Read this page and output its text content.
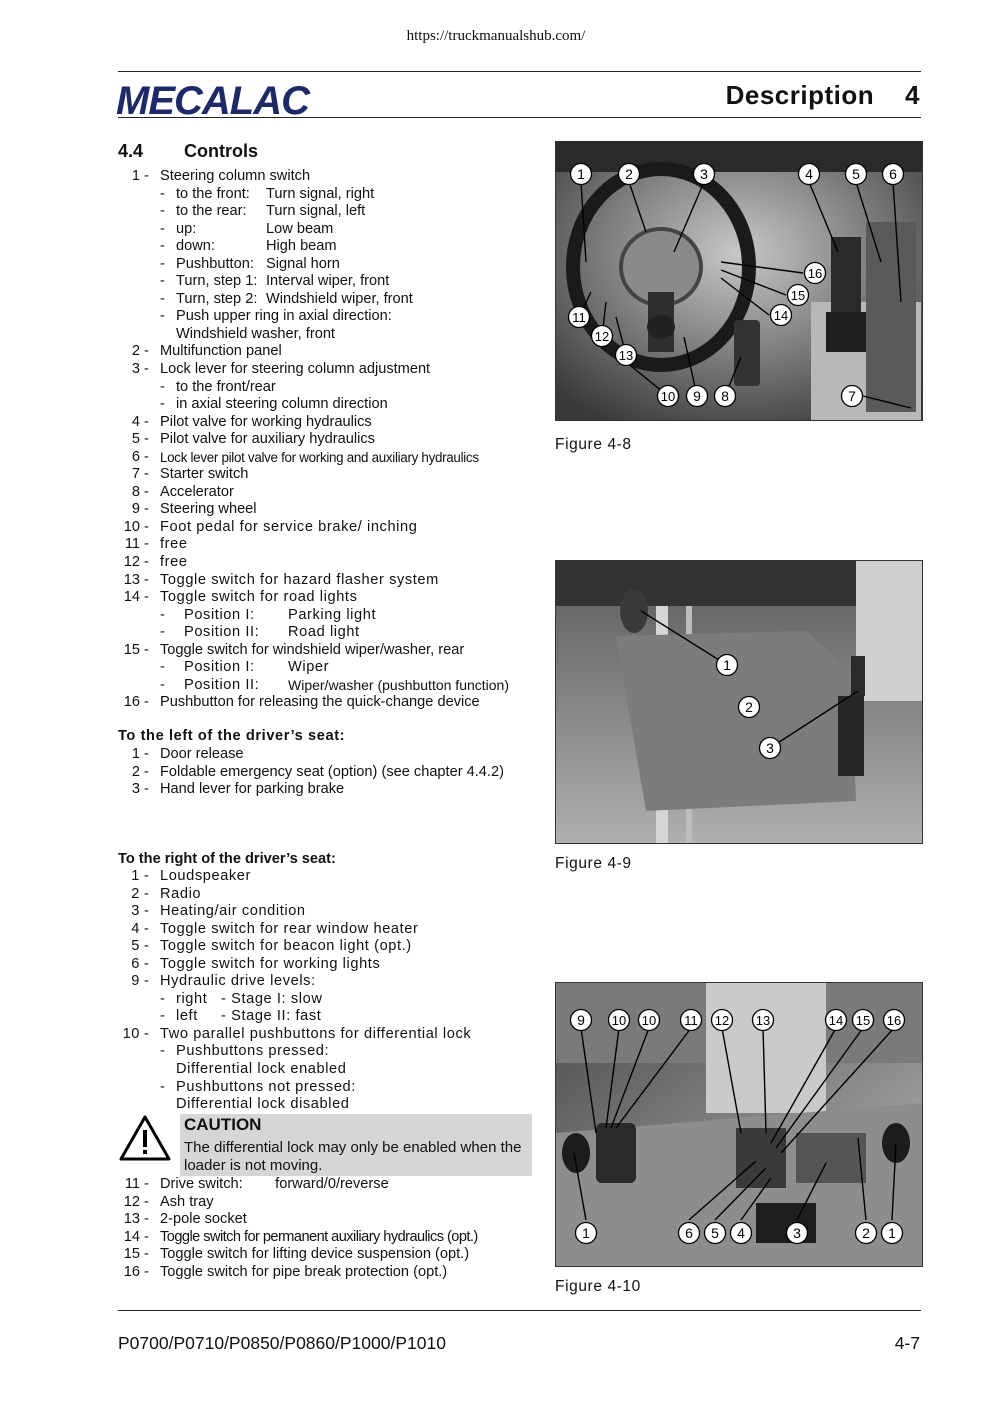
https://truckmanualshub.com/
MECALAC	Description 4
4.4 Controls
1 - Steering column switch
- to the front: Turn signal, right
- to the rear: Turn signal, left
- up:	Low beam
- down:	High beam
- Pushbutton: Signal horn
- Turn, step 1: Interval wiper, front
- Turn, step 2: Windshield wiper, front
- Push upper ring in axial direction:
Windshield washer, front
2 - Multifunction panel
3 - Lock lever for steering column adjustment
- to the front/rear
- in axial steering column direction
4 - Pilot valve for working hydraulics
5 - Pilot valve for auxiliary hydraulics
6 - Lock lever pilot valve for working and auxiliary hydraulics
7 - Starter switch
8 - Accelerator
9 - Steering wheel
10 - Foot pedal for service brake/ inching
11 - free
12 - free
13 - Toggle switch for hazard flasher system
14 - Toggle switch for road lights
- Position I: Parking light
- Position II: Road light
15 - Toggle switch for windshield wiper/washer, rear
- Position I: Wiper
- Position II: Wiper/washer (pushbutton function)
16 - Pushbutton for releasing the quick-change device
To the left of the driver’s seat:
1 - Door release
2 - Foldable emergency seat (option) (see chapter 4.4.2)
3 - Hand lever for parking brake
To the right of the driver’s seat:
1 - Loudspeaker
2 - Radio
3 - Heating/air condition
4 - Toggle switch for rear window heater
5 - Toggle switch for beacon light (opt.)
6 - Toggle switch for working lights
9 - Hydraulic drive levels:
- right - Stage I: slow
- left - Stage II: fast
10 - Two parallel pushbuttons for differential lock
- Pushbuttons pressed:
Differential lock enabled
- Pushbuttons not pressed:
Differential lock disabled
CAUTION
The differential lock may only be enabled when the loader is not moving.
11 - Drive switch:        forward/0/reverse
12 - Ash tray
13 - 2-pole socket
14 - Toggle switch for permanent auxiliary hydraulics (opt.)
15 - Toggle switch for lifting device suspension (opt.)
16 - Toggle switch for pipe break protection (opt.)
1	2	3	4	5 6
16
15
14
11
12
13
10 9 8	7
Figure 4-8
1
2
3
Figure 4-9
9 10 10 11 12 13	14 15 16
1	6 5 4	3	2 1
Figure 4-10
P0700/P0710/P0850/P0860/P1000/P1010	4-7
